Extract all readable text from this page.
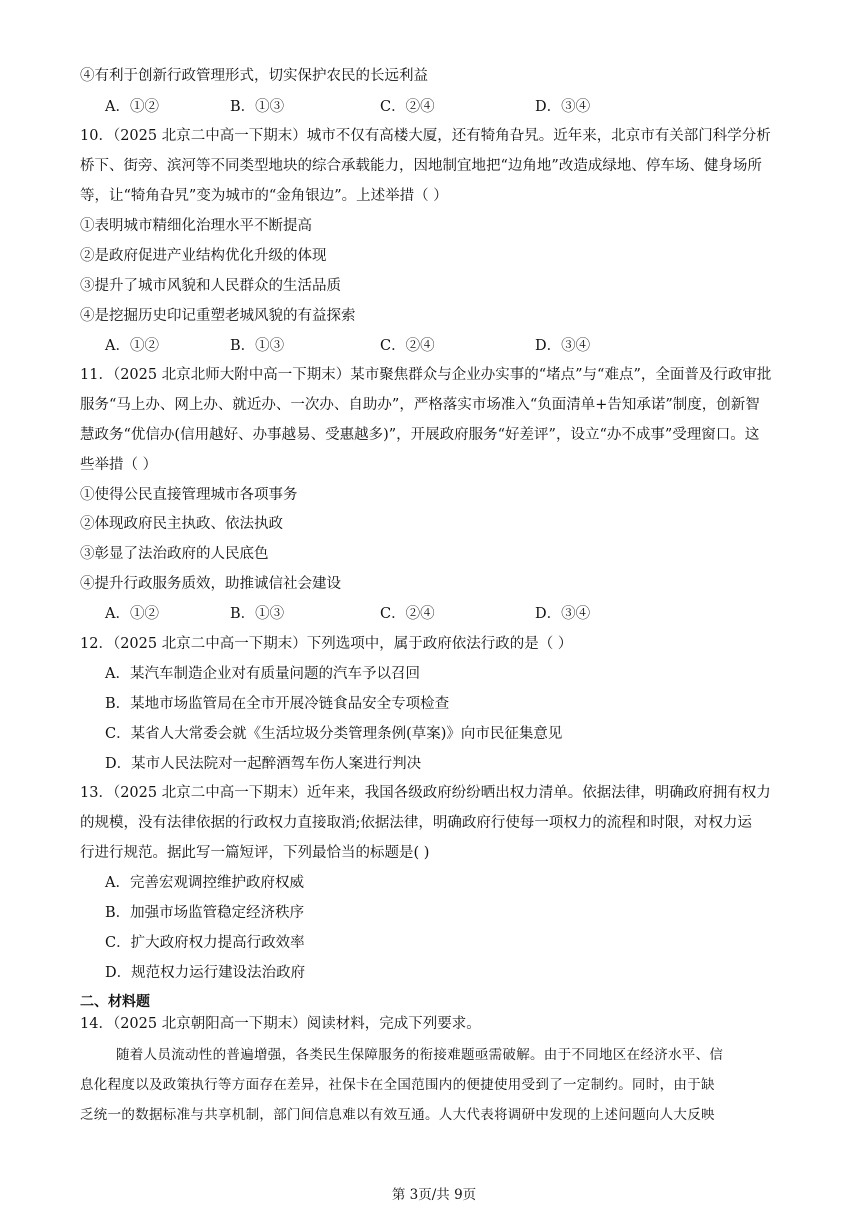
④有利于创新行政管理形式，切实保护农民的长远利益
A．①②	B．①③	C．②④	D．③④
10．（2025 北京二中高一下期末）城市不仅有高楼大厦，还有犄角旮旯。近年来，北京市有关部门科学分析
桥下、街旁、滨河等不同类型地块的综合承载能力，因地制宜地把“边角地”改造成绿地、停车场、健身场所
等，让“犄角旮旯”变为城市的“金角银边”。上述举措（ ）
①表明城市精细化治理水平不断提高
②是政府促进产业结构优化升级的体现
③提升了城市风貌和人民群众的生活品质
④是挖掘历史印记重塑老城风貌的有益探索
A．①②	B．①③	C．②④	D．③④
11．（2025 北京北师大附中高一下期末）某市聚焦群众与企业办实事的“堵点”与“难点”，全面普及行政审批
服务“马上办、网上办、就近办、一次办、自助办”，严格落实市场准入“负面清单+告知承诺”制度，创新智
慧政务“优信办(信用越好、办事越易、受惠越多)”，开展政府服务“好差评”，设立“办不成事”受理窗口。这
些举措（ ）
①使得公民直接管理城市各项事务
②体现政府民主执政、依法执政
③彰显了法治政府的人民底色
④提升行政服务质效，助推诚信社会建设
A．①②	B．①③	C．②④	D．③④
12．（2025 北京二中高一下期末）下列选项中，属于政府依法行政的是（ ）
A．某汽车制造企业对有质量问题的汽车予以召回
B．某地市场监管局在全市开展冷链食品安全专项检查
C．某省人大常委会就《生活垃圾分类管理条例(草案)》向市民征集意见
D．某市人民法院对一起醉酒驾车伤人案进行判决
13．（2025 北京二中高一下期末）近年来，我国各级政府纷纷晒出权力清单。依据法律，明确政府拥有权力
的规模，没有法律依据的行政权力直接取消;依据法律，明确政府行使每一项权力的流程和时限，对权力运
行进行规范。据此写一篇短评，下列最恰当的标题是( )
A．完善宏观调控维护政府权威
B．加强市场监管稳定经济秩序
C．扩大政府权力提高行政效率
D．规范权力运行建设法治政府
二、材料题
14．（2025 北京朝阳高一下期末）阅读材料，完成下列要求。
随着人员流动性的普遍增强，各类民生保障服务的衔接难题亟需破解。由于不同地区在经济水平、信
息化程度以及政策执行等方面存在差异，社保卡在全国范围内的便捷使用受到了一定制约。同时，由于缺
乏统一的数据标准与共享机制，部门间信息难以有效互通。人大代表将调研中发现的上述问题向人大反映
第 3页/共 9页
